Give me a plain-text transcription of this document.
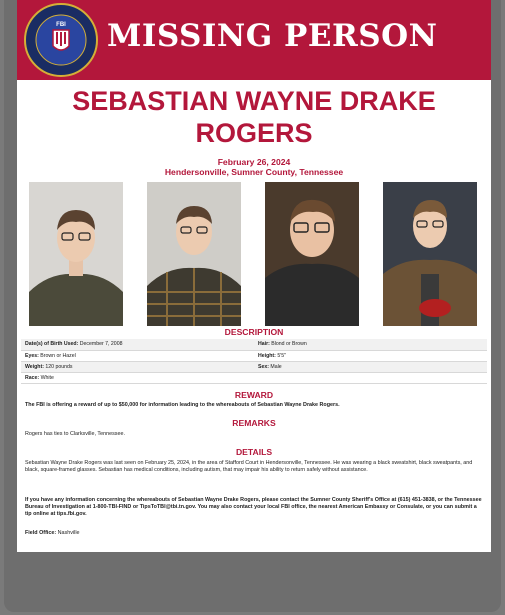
FBI MISSING PERSON
SEBASTIAN WAYNE DRAKE
ROGERS
February 26, 2024
Hendersonville, Sumner County, Tennessee
DESCRIPTION
Date(s) of Birth Used: December 7, 2008	Hair: Blond or Brown
Eyes: Brown or Hazel	Height: 5'5"
Weight: 120 pounds	Sex: Male
Race: White	
REWARD
The FBI is offering a reward of up to $50,000 for information leading to the whereabouts of Sebastian Wayne Drake Rogers.
REMARKS
Rogers has ties to Clarksville, Tennessee.
DETAILS
Sebastian Wayne Drake Rogers was last seen on February 25, 2024, in the area of Stafford Court in Hendersonville, Tennessee. He was wearing a black sweatshirt, black sweatpants, and black, square-framed glasses. Sebastian has medical conditions, including autism, that may impair his ability to return safely without assistance.
If you have any information concerning the whereabouts of Sebastian Wayne Drake Rogers, please contact the Sumner County Sheriff's Office at (615) 451-3838, or the Tennessee Bureau of Investigation at 1-800-TBI-FIND or TipsToTBI@tbi.tn.gov. You may also contact your local FBI office, the nearest American Embassy or Consulate, or you can submit a tip online at tips.fbi.gov.
Field Office: Nashville
